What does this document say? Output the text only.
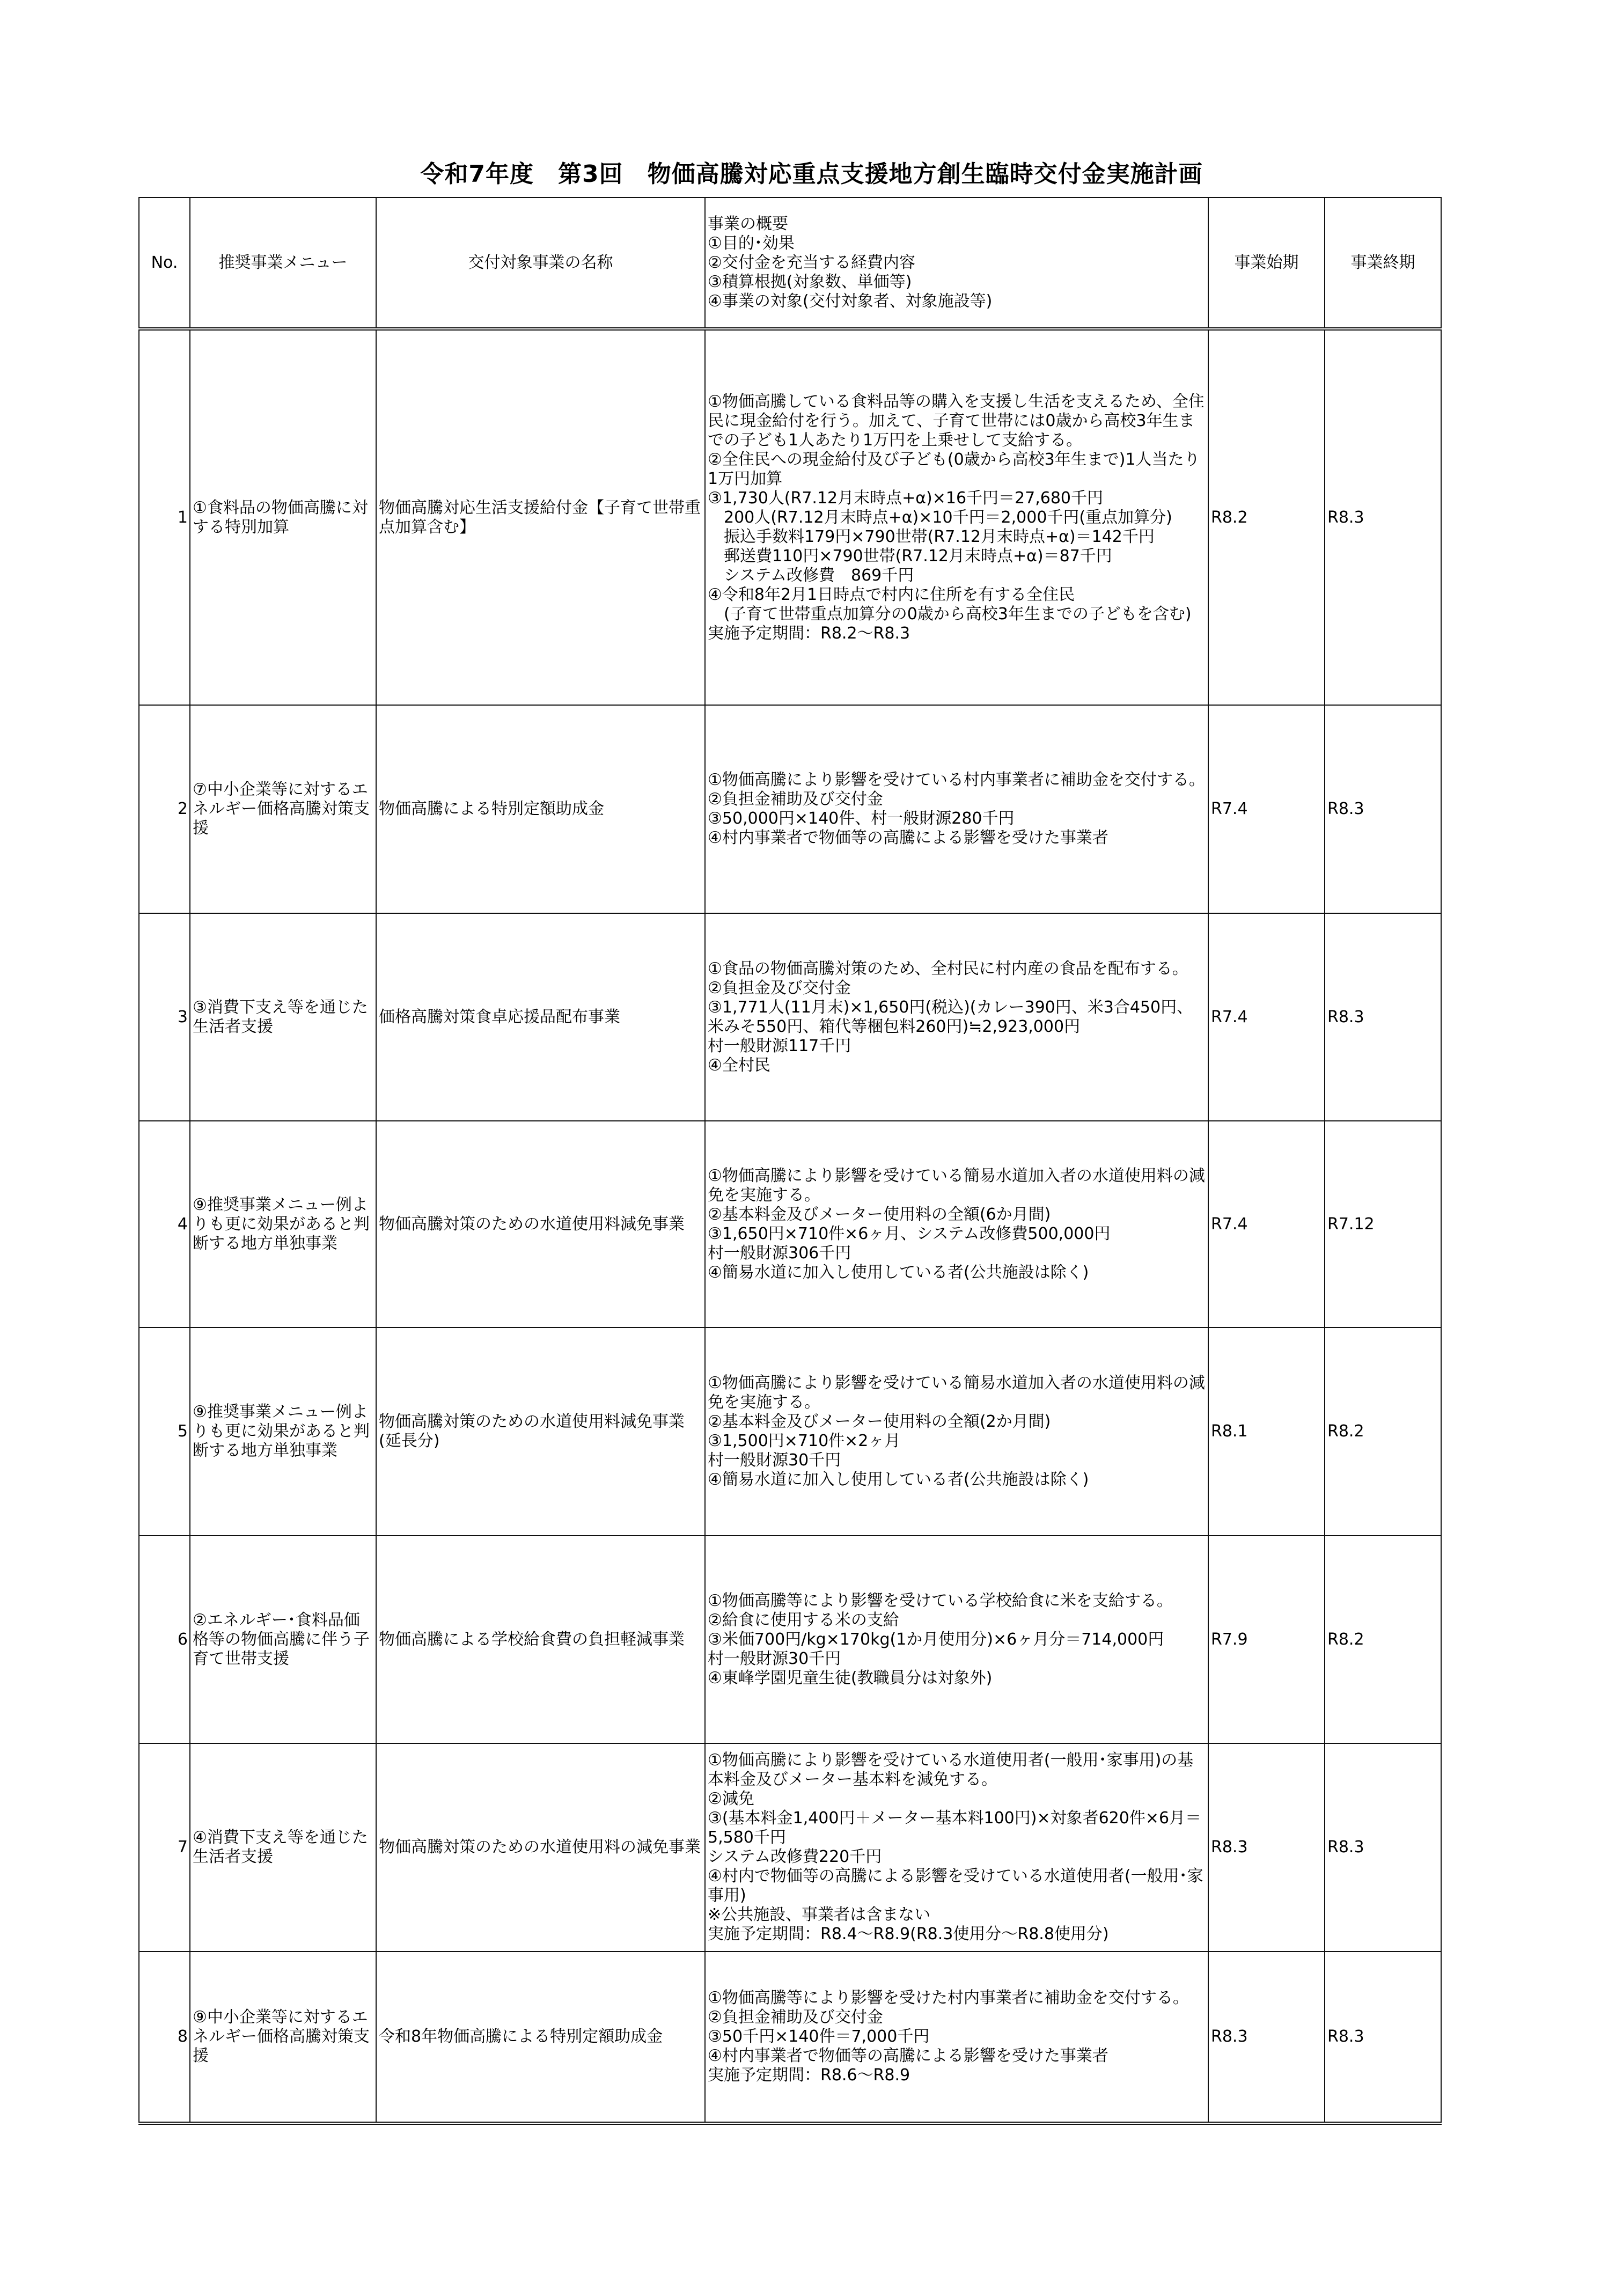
令和7年度　第3回　物価高騰対応重点支援地方創生臨時交付金実施計画
No.	推奨事業メニュー	交付対象事業の名称	事業の概要
①目的･効果
②交付金を充当する経費内容
③積算根拠(対象数、単価等)
④事業の対象(交付対象者、対象施設等)	事業始期	事業終期
1	①食料品の物価高騰に対する特別加算	物価高騰対応生活支援給付金【子育て世帯重点加算含む】	
①物価高騰している食料品等の購入を支援し生活を支えるため、全住民に現金給付を行う。加えて、子育て世帯には0歳から高校3年生までの子ども1人あたり1万円を上乗せして支給する。
②全住民への現金給付及び子ども(0歳から高校3年生まで)1人当たり1万円加算
③1,730人(R7.12月末時点+α)×16千円＝27,680千円
　200人(R7.12月末時点+α)×10千円＝2,000千円(重点加算分)
　振込手数料179円×790世帯(R7.12月末時点+α)＝142千円
　郵送費110円×790世帯(R7.12月末時点+α)＝87千円
　システム改修費　869千円
④令和8年2月1日時点で村内に住所を有する全住民
　(子育て世帯重点加算分の0歳から高校3年生までの子どもを含む)
実施予定期間：R8.2～R8.3
	R8.2	R8.3
2	⑦中小企業等に対するエネルギー価格高騰対策支援	物価高騰による特別定額助成金	①物価高騰により影響を受けている村内事業者に補助金を交付する。
②負担金補助及び交付金
③50,000円×140件、村一般財源280千円
④村内事業者で物価等の高騰による影響を受けた事業者	R7.4	R8.3
3	③消費下支え等を通じた生活者支援	価格高騰対策食卓応援品配布事業	①食品の物価高騰対策のため、全村民に村内産の食品を配布する。
②負担金及び交付金
③1,771人(11月末)×1,650円(税込)(カレー390円、米3合450円、米みそ550円、箱代等梱包料260円)≒2,923,000円
村一般財源117千円
④全村民	R7.4	R8.3
4	⑨推奨事業メニュー例よりも更に効果があると判断する地方単独事業	物価高騰対策のための水道使用料減免事業	①物価高騰により影響を受けている簡易水道加入者の水道使用料の減免を実施する。
②基本料金及びメーター使用料の全額(6か月間)
③1,650円×710件×6ヶ月、システム改修費500,000円
村一般財源306千円
④簡易水道に加入し使用している者(公共施設は除く)	R7.4	R7.12
5	⑨推奨事業メニュー例よりも更に効果があると判断する地方単独事業	物価高騰対策のための水道使用料減免事業(延長分)	①物価高騰により影響を受けている簡易水道加入者の水道使用料の減免を実施する。
②基本料金及びメーター使用料の全額(2か月間)
③1,500円×710件×2ヶ月
村一般財源30千円
④簡易水道に加入し使用している者(公共施設は除く)	R8.1	R8.2
6	②エネルギー･食料品価格等の物価高騰に伴う子育て世帯支援	物価高騰による学校給食費の負担軽減事業	①物価高騰等により影響を受けている学校給食に米を支給する。
②給食に使用する米の支給
③米価700円/kg×170kg(1か月使用分)×6ヶ月分＝714,000円
村一般財源30千円
④東峰学園児童生徒(教職員分は対象外)	R7.9	R8.2
7	④消費下支え等を通じた生活者支援	物価高騰対策のための水道使用料の減免事業	
①物価高騰により影響を受けている水道使用者(一般用･家事用)の基本料金及びメーター基本料を減免する。
②減免
③(基本料金1,400円＋メーター基本料100円)×対象者620件×6月＝5,580千円
システム改修費220千円
④村内で物価等の高騰による影響を受けている水道使用者(一般用･家事用)
※公共施設、事業者は含まない
実施予定期間：R8.4～R8.9(R8.3使用分～R8.8使用分)
	R8.3	R8.3
8	⑨中小企業等に対するエネルギー価格高騰対策支援	令和8年物価高騰による特別定額助成金	①物価高騰等により影響を受けた村内事業者に補助金を交付する。
②負担金補助及び交付金
③50千円×140件＝7,000千円
④村内事業者で物価等の高騰による影響を受けた事業者
実施予定期間：R8.6～R8.9	R8.3	R8.3
